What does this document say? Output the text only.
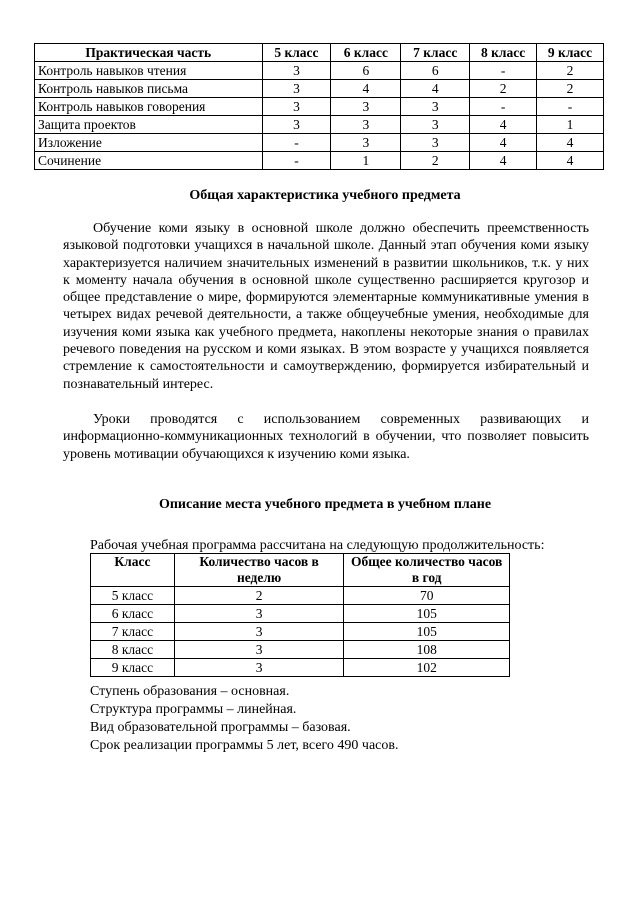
Практическая часть	5 класс	6 класс	7 класс	8 класс	9 класс
Контроль навыков чтения	3	6	6	-	2
Контроль навыков письма	3	4	4	2	2
Контроль навыков говорения	3	3	3	-	-
Защита проектов	3	3	3	4	1
Изложение	-	3	3	4	4
Сочинение	-	1	2	4	4
Общая характеристика учебного предмета

Обучение коми языку в основной школе должно обеспечить преемственность языковой подготовки учащихся в начальной школе. Данный этап обучения коми языку характеризуется наличием значительных изменений в развитии школьников, т.к. у них к моменту начала обучения в основной школе существенно расширяется кругозор и общее представление о мире, формируются элементарные коммуникативные умения в четырех видах речевой деятельности, а также общеучебные умения, необходимые для изучения коми языка как учебного предмета, накоплены некоторые знания о правилах речевого поведения на русском и коми языках. В этом возрасте у учащихся появляется стремление к самостоятельности и самоутверждению, формируется избирательный и познавательный интерес.

Уроки проводятся с использованием современных развивающих и информационно-коммуникационных технологий в обучении, что позволяет повысить уровень мотивации обучающихся к изучению коми языка.

Описание места учебного предмета в учебном плане

Рабочая учебная программа рассчитана на следующую продолжительность:

Класс	Количество часов в неделю	Общее количество часов в год
5 класс	2	70
6 класс	3	105
7 класс	3	105
8 класс	3	108
9 класс	3	102

Ступень образования – основная.

Структура программы – линейная.

Вид образовательной программы – базовая.

Срок реализации программы 5 лет, всего 490 часов.
